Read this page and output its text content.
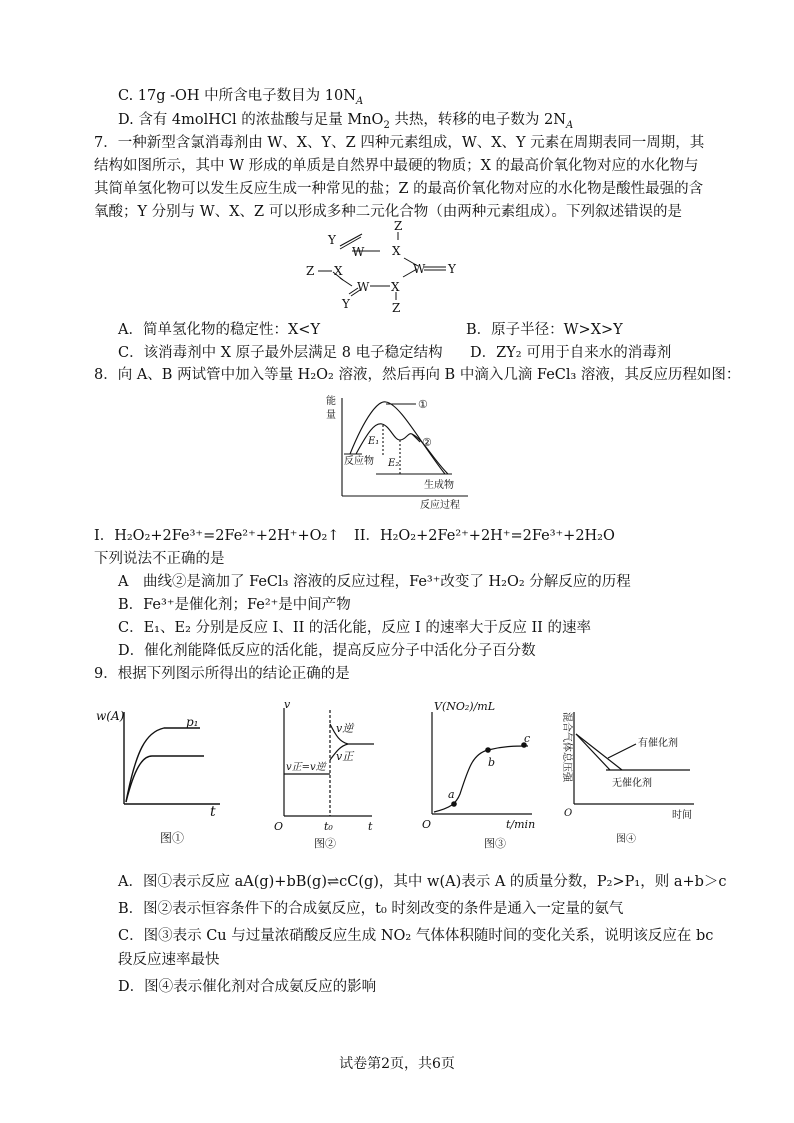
C. 17g -OH 中所含电子数目为 $10N_A$
D. 含有 4molHCl 的浓盐酸与足量 MnO$_2$ 共热，转移的电子数为 $2N_A$
7．一种新型含氯消毒剂由 W、X、Y、Z 四种元素组成，W、X、Y 元素在周期表同一周期，其
结构如图所示，其中 W 形成的单质是自然界中最硬的物质；X 的最高价氧化物对应的水化物与
其简单氢化物可以发生反应生成一种常见的盐；Z 的最高价氧化物对应的水化物是酸性最强的含
氧酸；Y 分别与 W、X、Z 可以形成多种二元化合物（由两种元素组成）。下列叙述错误的是
Y
W
Z
X
W Y
Z X
W X
Y	Z
A．简单氢化物的稳定性：X<Y	B．原子半径：W>X>Y
C．该消毒剂中 X 原子最外层满足 8 电子稳定结构 D．ZY₂ 可用于自来水的消毒剂
8．向 A、B 两试管中加入等量 H₂O₂ 溶液，然后再向 B 中滴入几滴 FeCl₃ 溶液，其反应历程如图：
能
量
反应物
生成物
反应过程
①
②
E₁
E₂
I．H₂O₂+2Fe³⁺=2Fe²⁺+2H⁺+O₂↑ II．H₂O₂+2Fe²⁺+2H⁺=2Fe³⁺+2H₂O
下列说法不正确的是
A　曲线②是滴加了 FeCl₃ 溶液的反应过程，Fe³⁺改变了 H₂O₂ 分解反应的历程
B．Fe³⁺是催化剂；Fe²⁺是中间产物
C．E₁、E₂ 分别是反应 I、II 的活化能，反应 I 的速率大于反应 II 的速率
D．催化剂能降低反应的活化能，提高反应分子中活化分子百分数
9．根据下列图示所得出的结论正确的是
w(A)	p₁
t
图①
v
v逆
v正
v正=v逆
O	t₀	t
图②
V(NO₂)/mL
a
b
c
O	t/min
图③
混合气体总压强	有催化剂
无催化剂
O	时间
图④
A．图①表示反应 aA(g)+bB(g)⇌cC(g)，其中 w(A)表示 A 的质量分数，P₂>P₁，则 a+b＞c
B．图②表示恒容条件下的合成氨反应，t₀ 时刻改变的条件是通入一定量的氨气
C．图③表示 Cu 与过量浓硝酸反应生成 NO₂ 气体体积随时间的变化关系，说明该反应在 bc
段反应速率最快
D．图④表示催化剂对合成氨反应的影响
试卷第2页，共6页
